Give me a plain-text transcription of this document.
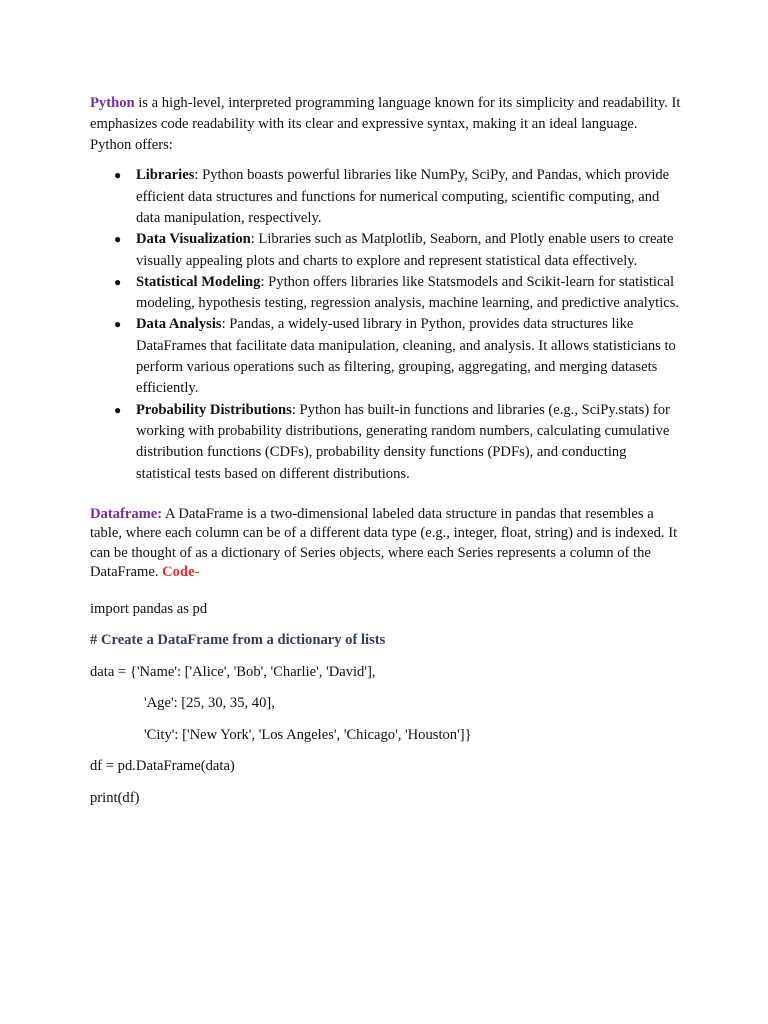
Python is a high-level, interpreted programming language known for its simplicity and readability. It emphasizes code readability with its clear and expressive syntax, making it an ideal language. Python offers:

● Libraries: Python boasts powerful libraries like NumPy, SciPy, and Pandas, which provide efficient data structures and functions for numerical computing, scientific computing, and data manipulation, respectively.
● Data Visualization: Libraries such as Matplotlib, Seaborn, and Plotly enable users to create visually appealing plots and charts to explore and represent statistical data effectively.
● Statistical Modeling: Python offers libraries like Statsmodels and Scikit-learn for statistical modeling, hypothesis testing, regression analysis, machine learning, and predictive analytics.
● Data Analysis: Pandas, a widely-used library in Python, provides data structures like DataFrames that facilitate data manipulation, cleaning, and analysis. It allows statisticians to perform various operations such as filtering, grouping, aggregating, and merging datasets efficiently.
● Probability Distributions: Python has built-in functions and libraries (e.g., SciPy.stats) for working with probability distributions, generating random numbers, calculating cumulative distribution functions (CDFs), probability density functions (PDFs), and conducting statistical tests based on different distributions.

Dataframe: A DataFrame is a two-dimensional labeled data structure in pandas that resembles a table, where each column can be of a different data type (e.g., integer, float, string) and is indexed. It can be thought of as a dictionary of Series objects, where each Series represents a column of the DataFrame. Code-

import pandas as pd

# Create a DataFrame from a dictionary of lists

data = {'Name': ['Alice', 'Bob', 'Charlie', 'David'],

'Age': [25, 30, 35, 40],

'City': ['New York', 'Los Angeles', 'Chicago', 'Houston']}

df = pd.DataFrame(data)

print(df)
